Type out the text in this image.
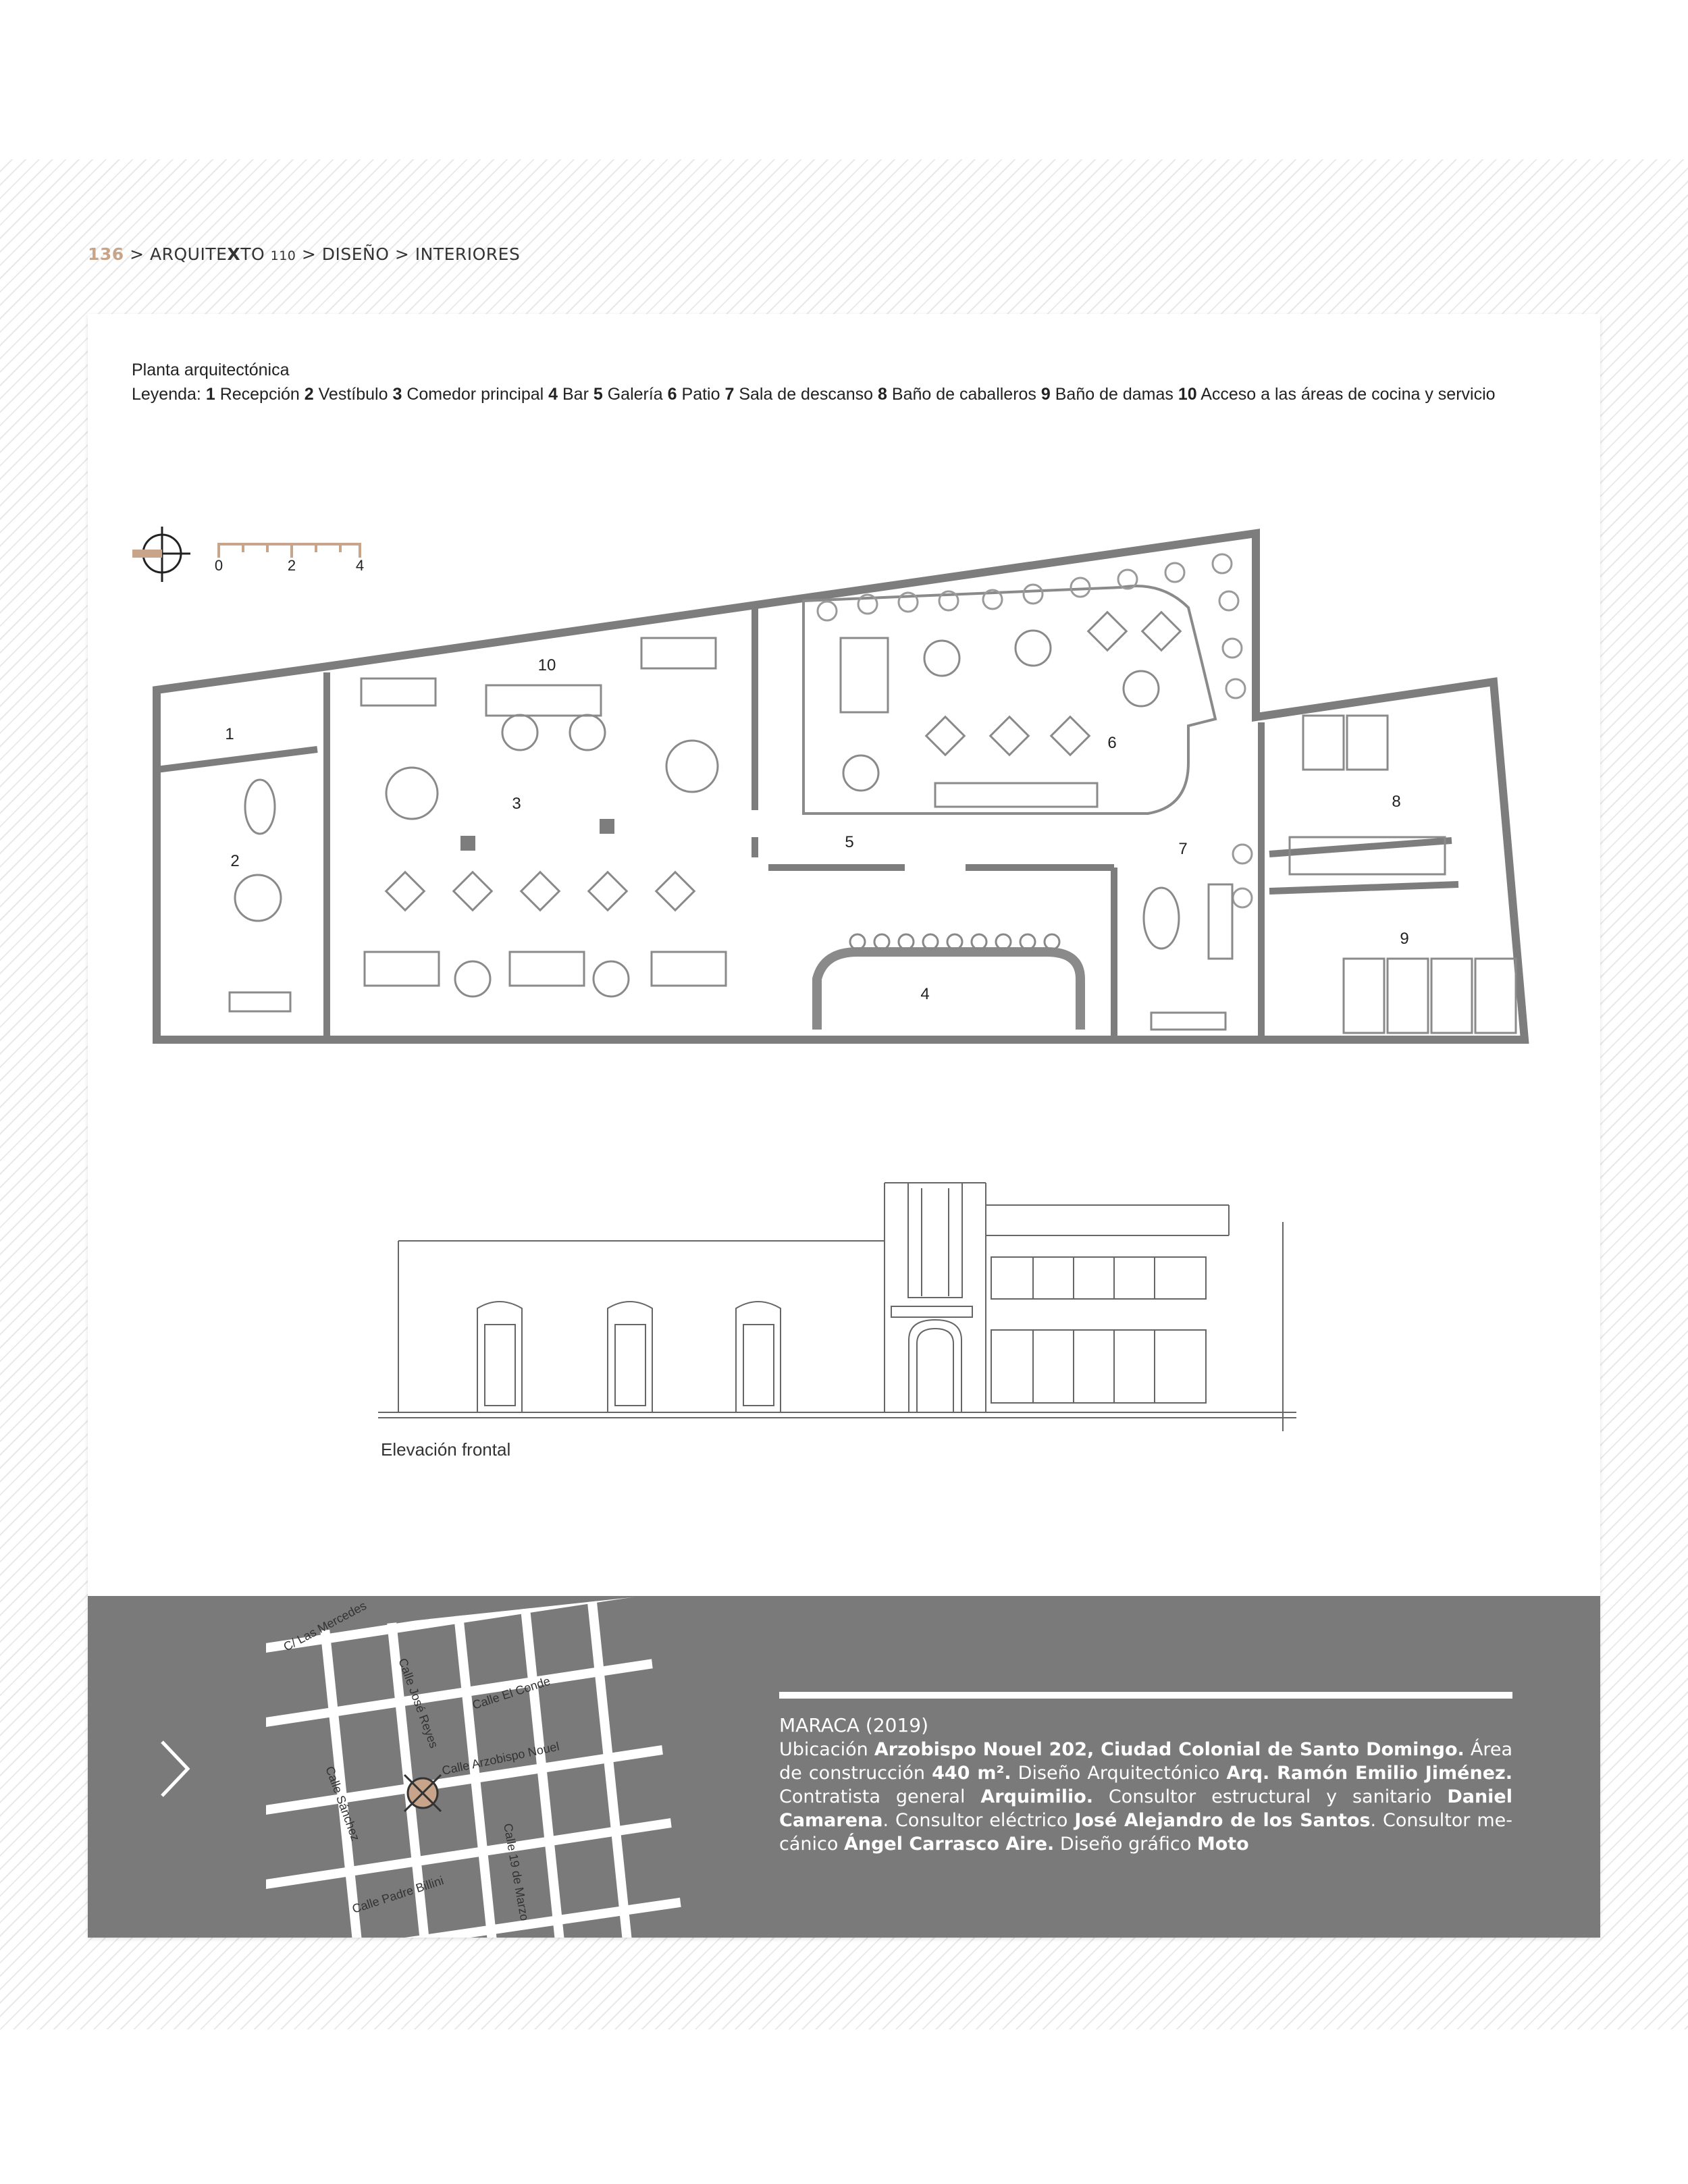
136 > ARQUITEXTO 110 > DISEÑO > INTERIORES
Planta arquitectónica
Leyenda: 1 Recepción 2 Vestíbulo 3 Comedor principal 4 Bar 5 Galería 6 Patio 7 Sala de descanso 8 Baño de caballeros 9 Baño de damas 10 Acceso a las áreas de cocina y servicio
0	2	4
1
2
3
4
5
6
7
8
9
10
Elevación frontal
C/ Las Mercedes
Calle José Reyes Calle El Conde
Calle Arzobispo Nouel
Calle Sánchez
Calle 19 de Marzo
Calle Padre Billini
MARACA (2019)
Ubicación Arzobispo Nouel 202, Ciudad Colonial de Santo Domingo. Área de construcción 440 m². Diseño Arquitectónico Arq. Ramón Emilio Jiménez. Contratista general Arquimilio. Consultor estructural y sanitario Daniel Camarena. Consultor eléctrico José Alejandro de los Santos. Consultor me-cánico Ángel Carrasco Aire. Diseño gráfico Moto
